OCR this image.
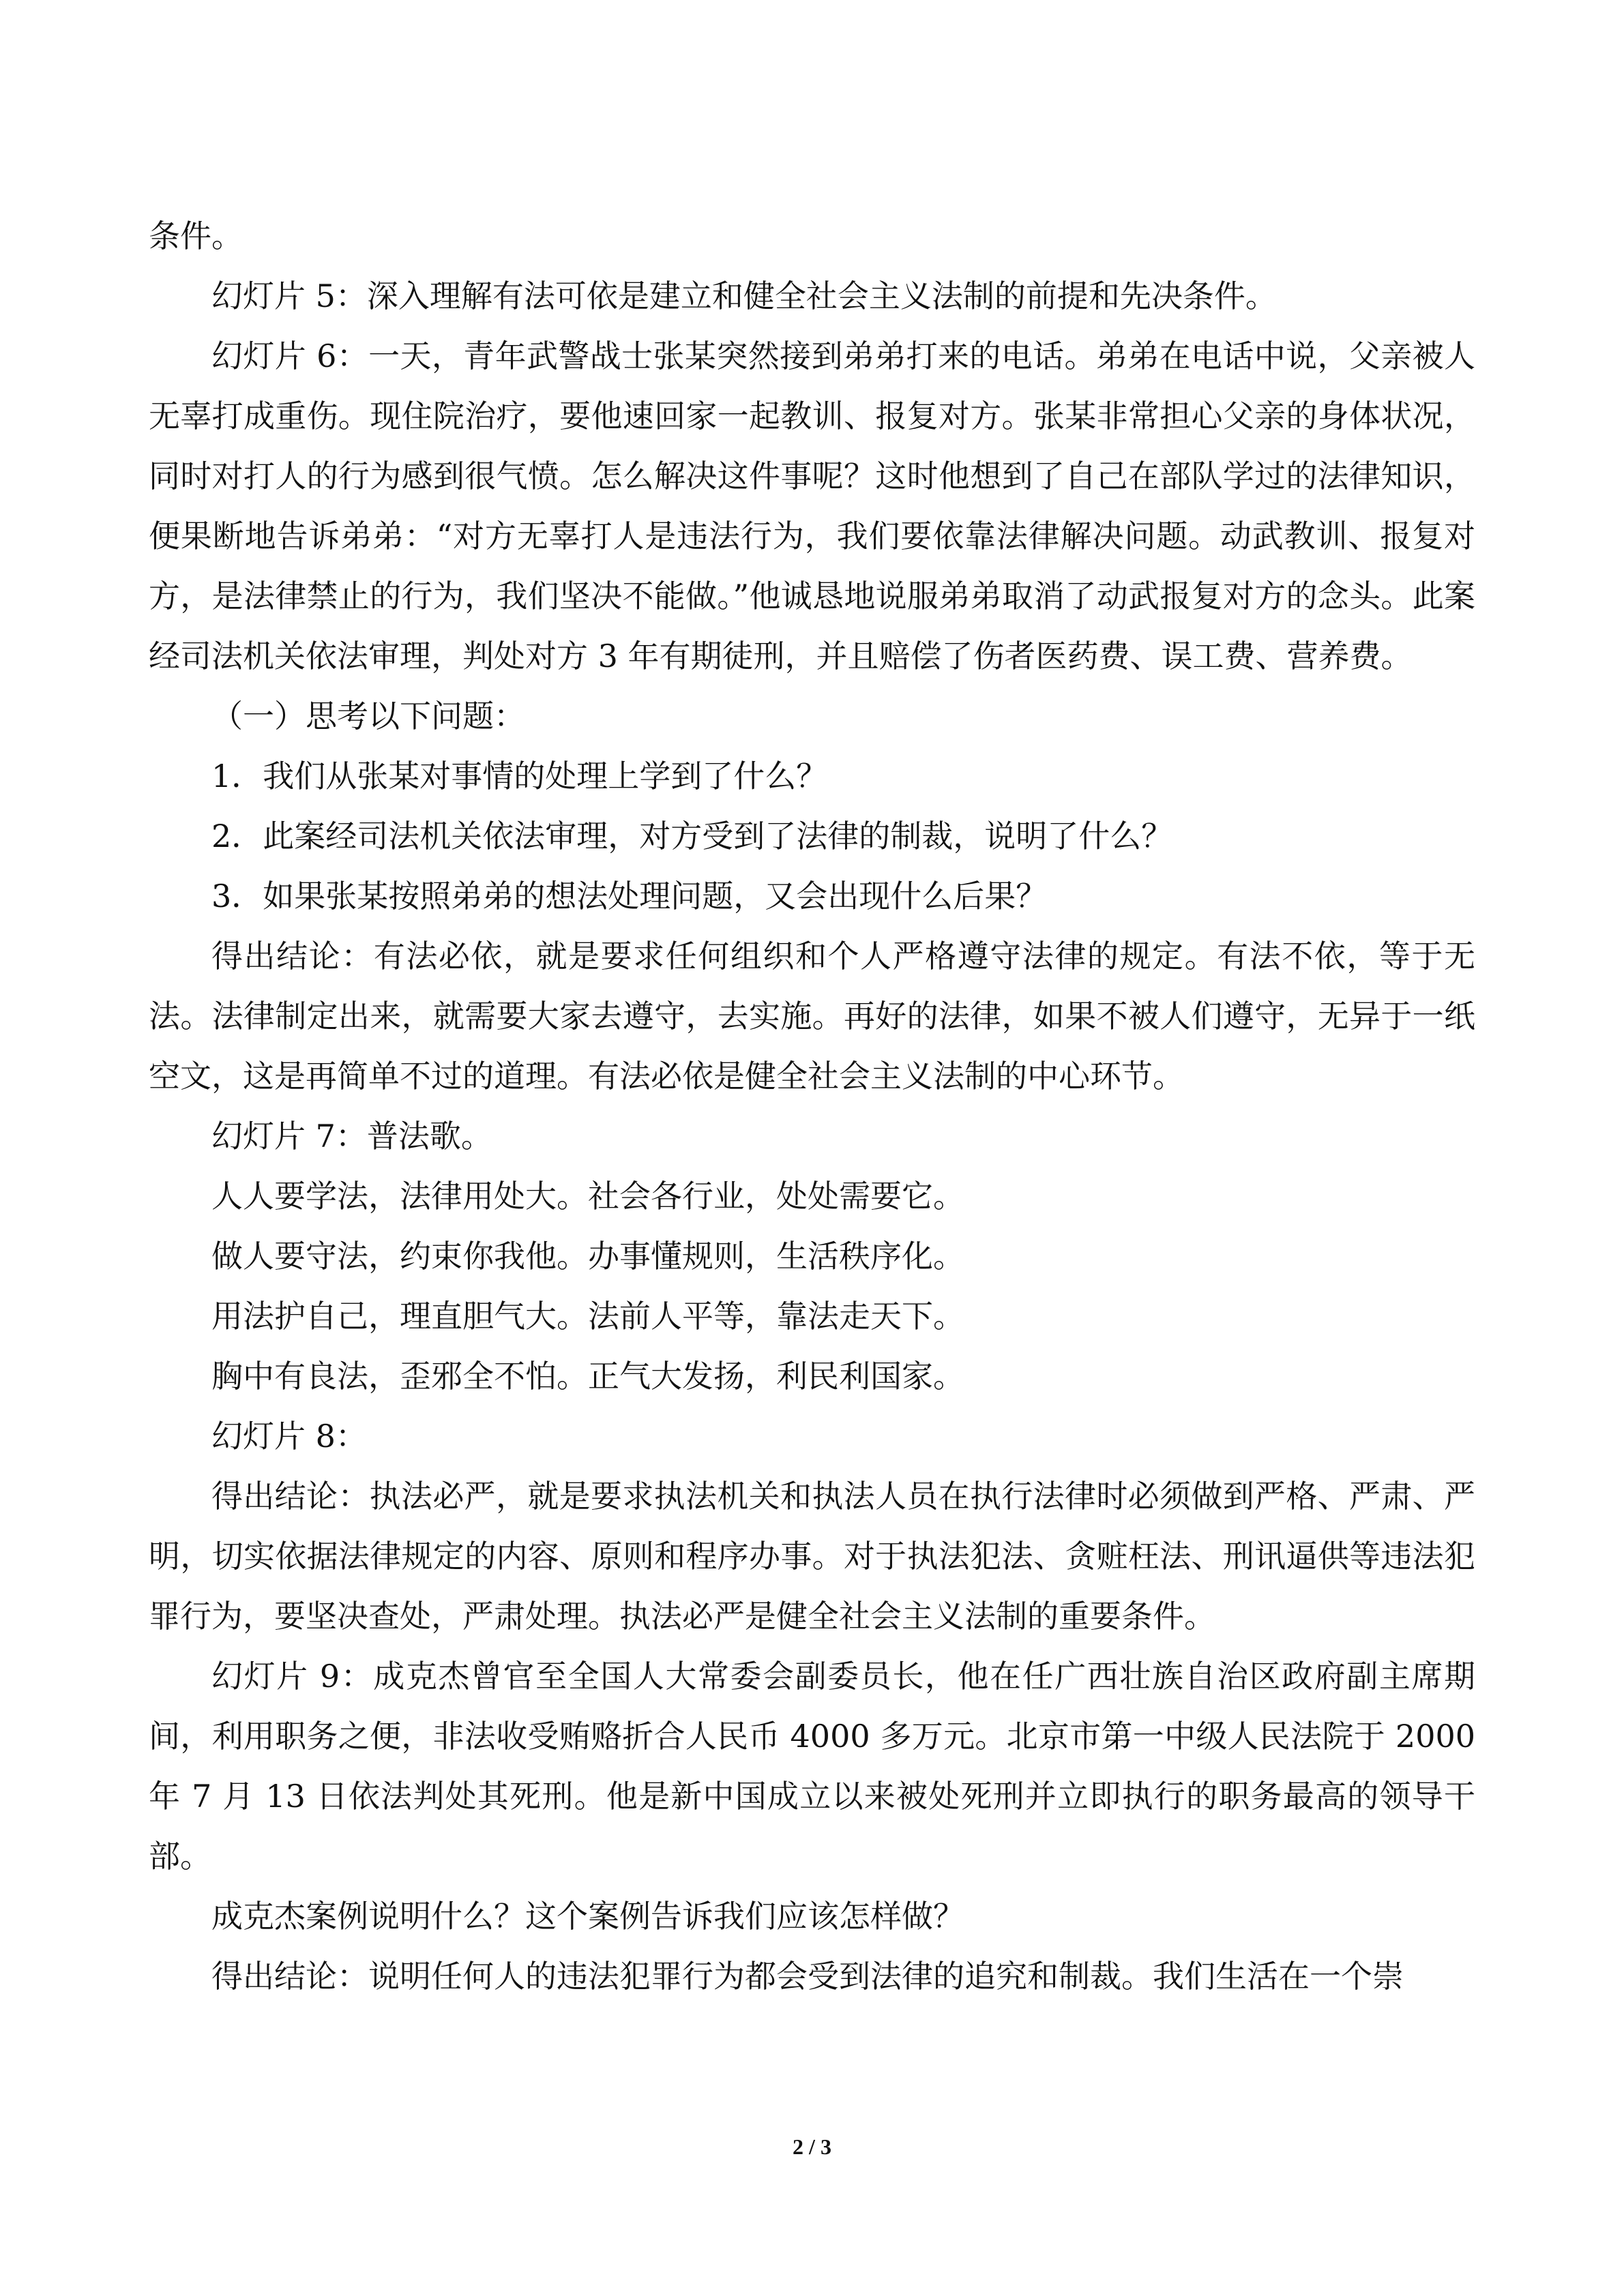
条件。

幻灯片 5：深入理解有法可依是建立和健全社会主义法制的前提和先决条件。

幻灯片 6：一天，青年武警战士张某突然接到弟弟打来的电话。弟弟在电话中说，父亲被人无辜打成重伤。现住院治疗，要他速回家一起教训、报复对方。张某非常担心父亲的身体状况，同时对打人的行为感到很气愤。怎么解决这件事呢？这时他想到了自己在部队学过的法律知识，便果断地告诉弟弟：“对方无辜打人是违法行为，我们要依靠法律解决问题。动武教训、报复对方，是法律禁止的行为，我们坚决不能做。”他诚恳地说服弟弟取消了动武报复对方的念头。此案经司法机关依法审理，判处对方 3 年有期徒刑，并且赔偿了伤者医药费、误工费、营养费。

（一）思考以下问题：

1．我们从张某对事情的处理上学到了什么？

2．此案经司法机关依法审理，对方受到了法律的制裁，说明了什么？

3．如果张某按照弟弟的想法处理问题，又会出现什么后果？

得出结论：有法必依，就是要求任何组织和个人严格遵守法律的规定。有法不依，等于无法。法律制定出来，就需要大家去遵守，去实施。再好的法律，如果不被人们遵守，无异于一纸空文，这是再简单不过的道理。有法必依是健全社会主义法制的中心环节。

幻灯片 7：普法歌。

人人要学法，法律用处大。社会各行业，处处需要它。

做人要守法，约束你我他。办事懂规则，生活秩序化。

用法护自己，理直胆气大。法前人平等，靠法走天下。

胸中有良法，歪邪全不怕。正气大发扬，利民利国家。

幻灯片 8：

得出结论：执法必严，就是要求执法机关和执法人员在执行法律时必须做到严格、严肃、严明，切实依据法律规定的内容、原则和程序办事。对于执法犯法、贪赃枉法、刑讯逼供等违法犯罪行为，要坚决查处，严肃处理。执法必严是健全社会主义法制的重要条件。

幻灯片 9：成克杰曾官至全国人大常委会副委员长，他在任广西壮族自治区政府副主席期间，利用职务之便，非法收受贿赂折合人民币 4000 多万元。北京市第一中级人民法院于 2000 年 7 月 13 日依法判处其死刑。他是新中国成立以来被处死刑并立即执行的职务最高的领导干部。

成克杰案例说明什么？这个案例告诉我们应该怎样做？

得出结论：说明任何人的违法犯罪行为都会受到法律的追究和制裁。我们生活在一个崇

2 / 3
